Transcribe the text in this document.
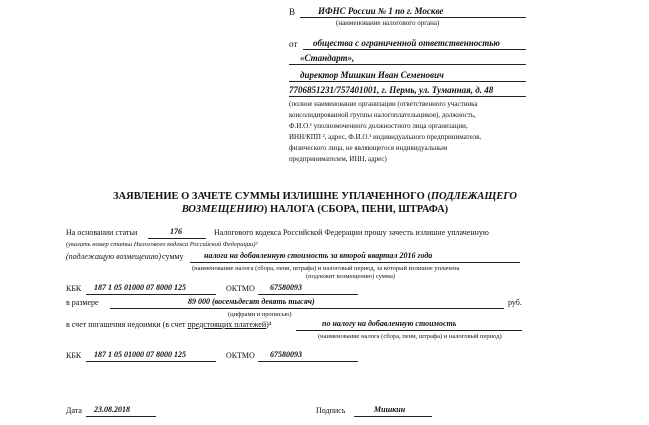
В	ИФНС России № 1 по г. Москве
(наименование налогового органа)
от общества с ограниченной ответственностью
«Стандарт»,
директор Мишкин Иван Семенович
7706851231/757401001, г. Пермь, ул. Туманная, д. 48
(полное наименование организации (ответственного участника
консолидированной группы налогоплательщиков), должность,
Ф.И.О.¹ уполномоченного должностного лица организации,
ИНН/КПП ², адрес, Ф.И.О.¹ индивидуального предпринимателя,
физического лица, не являющегося индивидуальным
предпринимателем, ИНН, адрес)
ЗАЯВЛЕНИЕ О ЗАЧЕТЕ СУММЫ ИЗЛИШНЕ УПЛАЧЕННОГО (ПОДЛЕЖАЩЕГО
ВОЗМЕЩЕНИЮ) НАЛОГА (СБОРА, ПЕНИ, ШТРАФА)
На основании статьи	176	Налогового кодекса Российской Федерации прошу зачесть излишне уплаченную
(указать номер статьи Налогового кодекса Российской Федерации)³
(подлежащую возмещению) сумму	налога на добавленную стоимость за второй квартал 2016 года
(наименование налога (сбора, пени, штрафа) и налоговый период, за который излишне уплачена
(подлежит возмещению) сумма)
КБК 187 1 05 01000 07 8000 125	ОКТМО 67580093
в размере	89 000 (восемьдесят девять тысяч)	руб.
(цифрами и прописью)
в счет погашения недоимки (в счет предстоящих платежей)⁴	по налогу на добавленную стоимость
(наименование налога (сбора, пени, штрафа) и налоговый период)
КБК 187 1 05 01000 07 8000 125	ОКТМО 67580093
Дата 23.08.2018	Подпись	Мишкин
